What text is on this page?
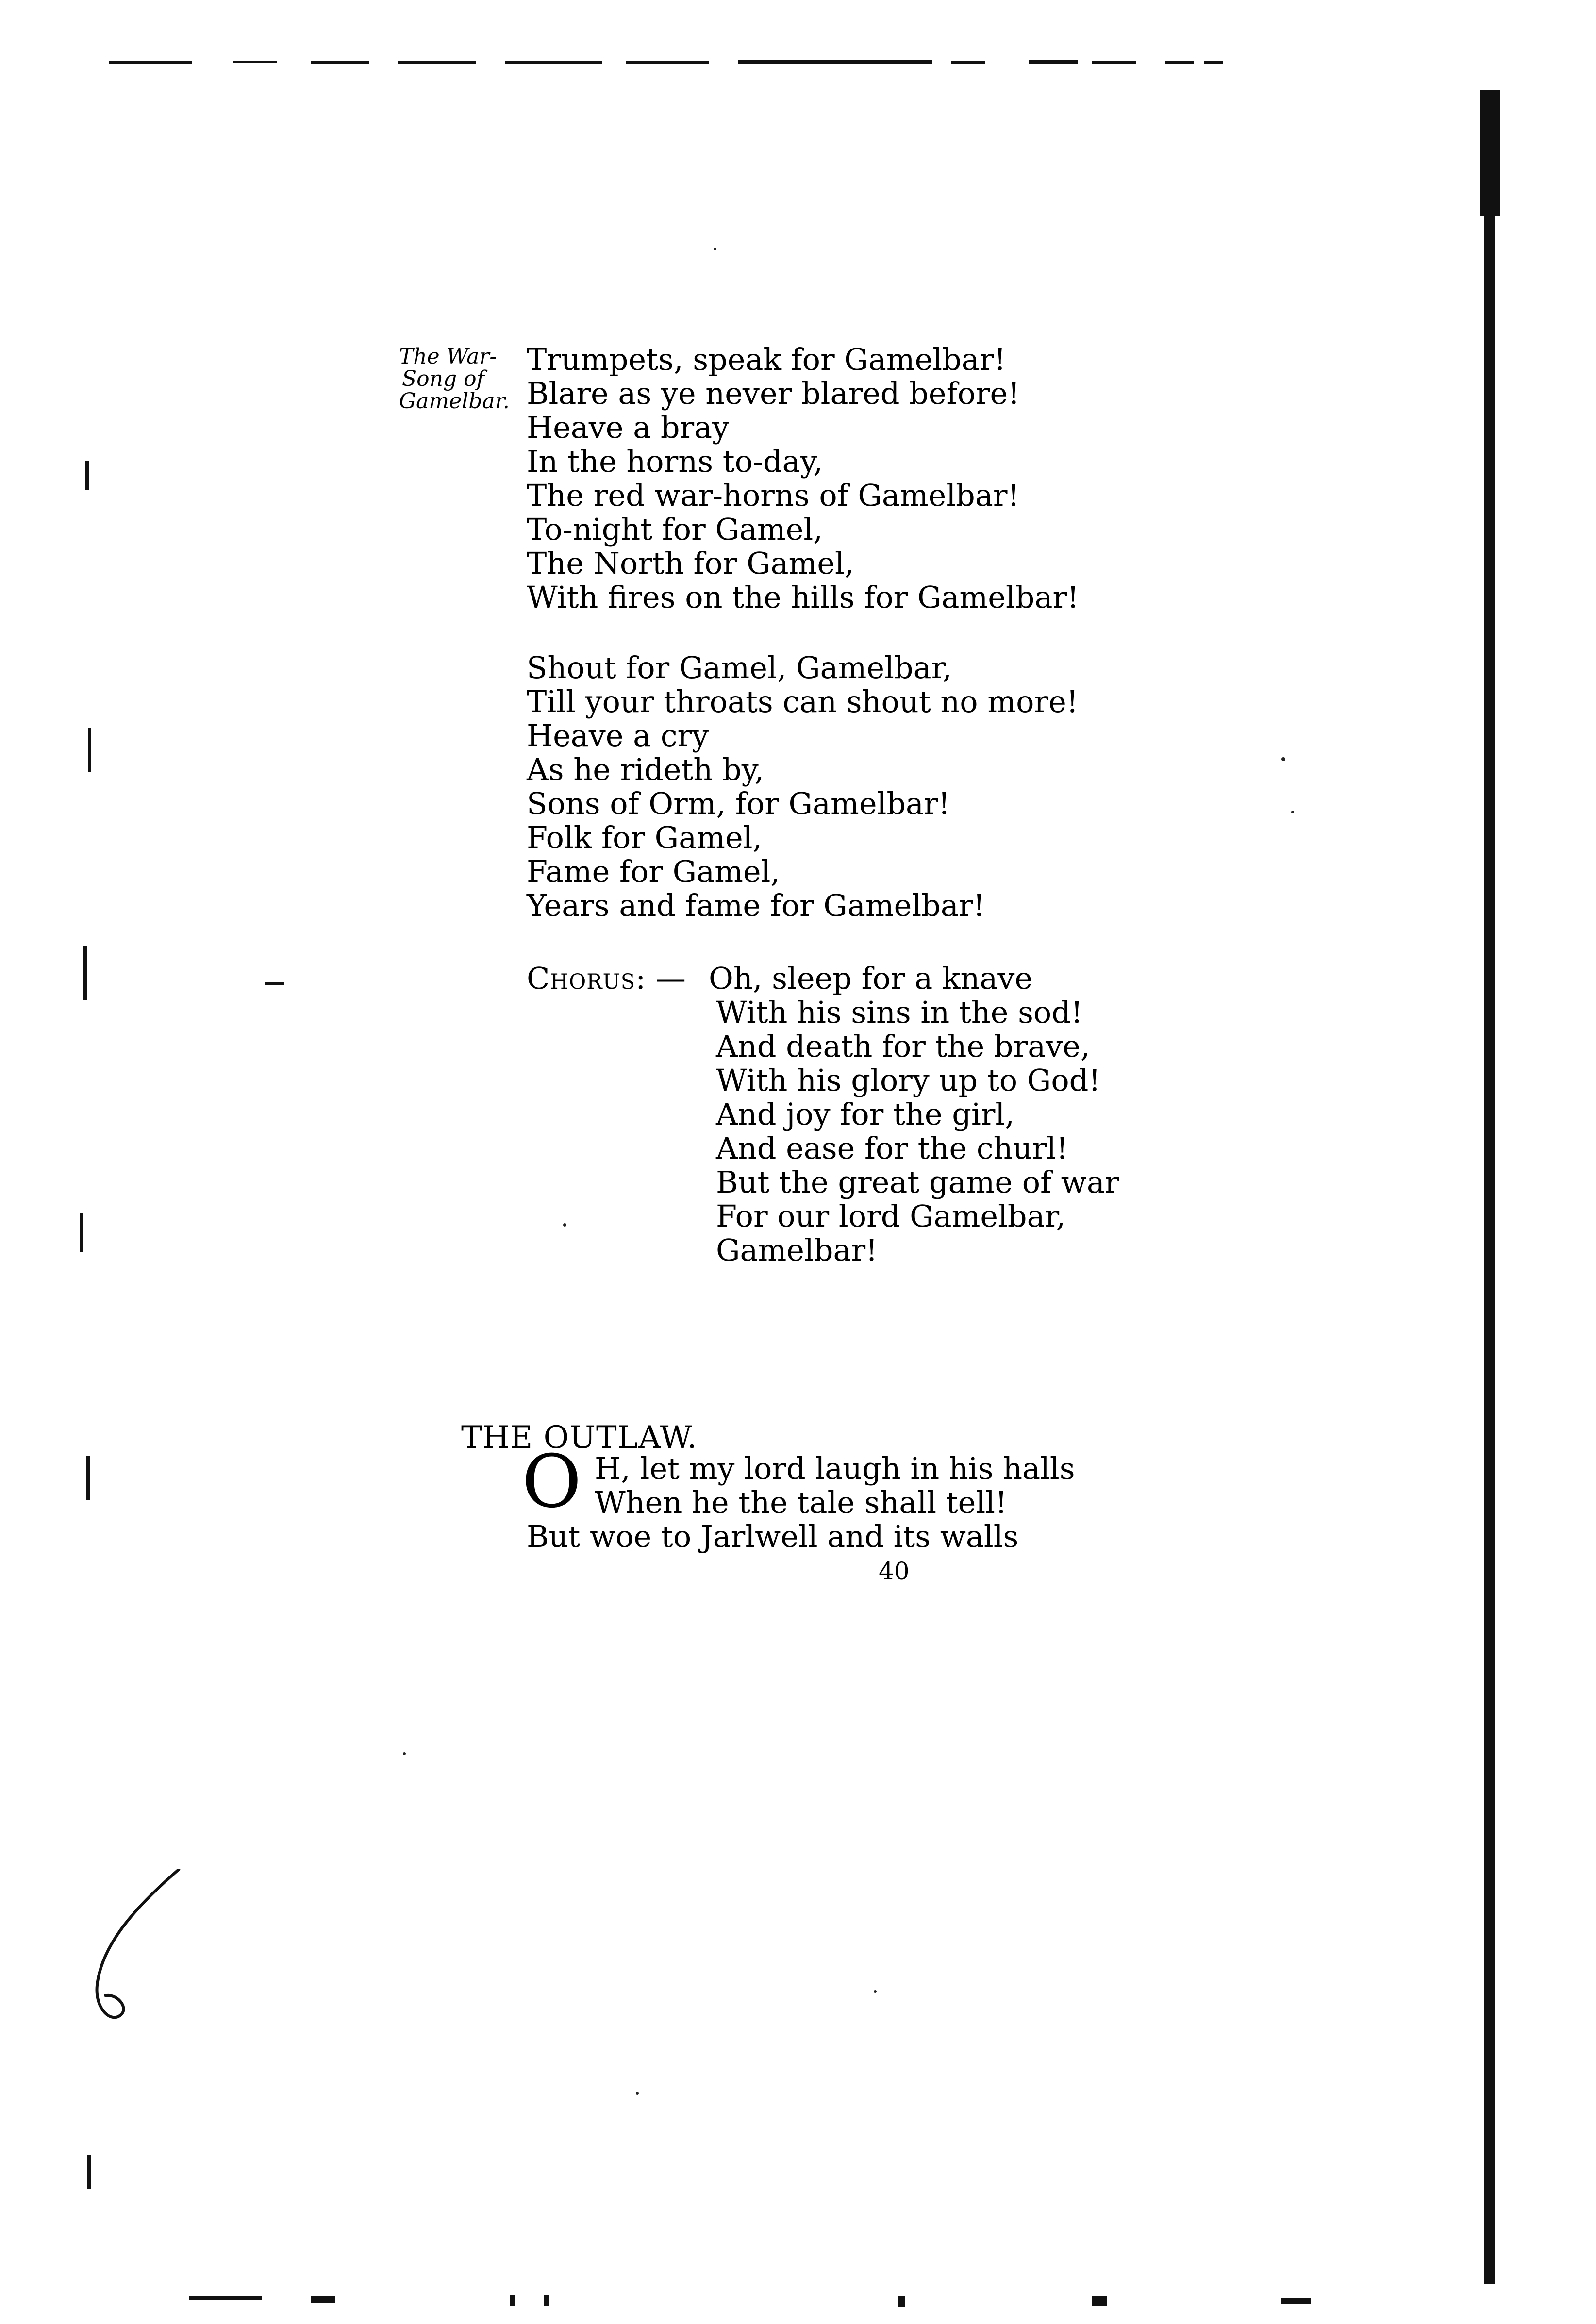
The War-
Song of
Gamelbar.
Trumpets, speak for Gamelbar!
Blare as ye never blared before!
Heave a bray
In the horns to-day,
The red war-horns of Gamelbar!
To-night for Gamel,
The North for Gamel,
With fires on the hills for Gamelbar!
Shout for Gamel, Gamelbar,
Till your throats can shout no more!
Heave a cry
As he rideth by,
Sons of Orm, for Gamelbar!
Folk for Gamel,
Fame for Gamel,
Years and fame for Gamelbar!
Chorus: — Oh, sleep for a knave
With his sins in the sod!
And death for the brave,
With his glory up to God!
And joy for the girl,
And ease for the churl!
But the great game of war
For our lord Gamelbar,
Gamelbar!
THE OUTLAW.
O H, let my lord laugh in his halls
When he the tale shall tell!
But woe to Jarlwell and its walls
40
